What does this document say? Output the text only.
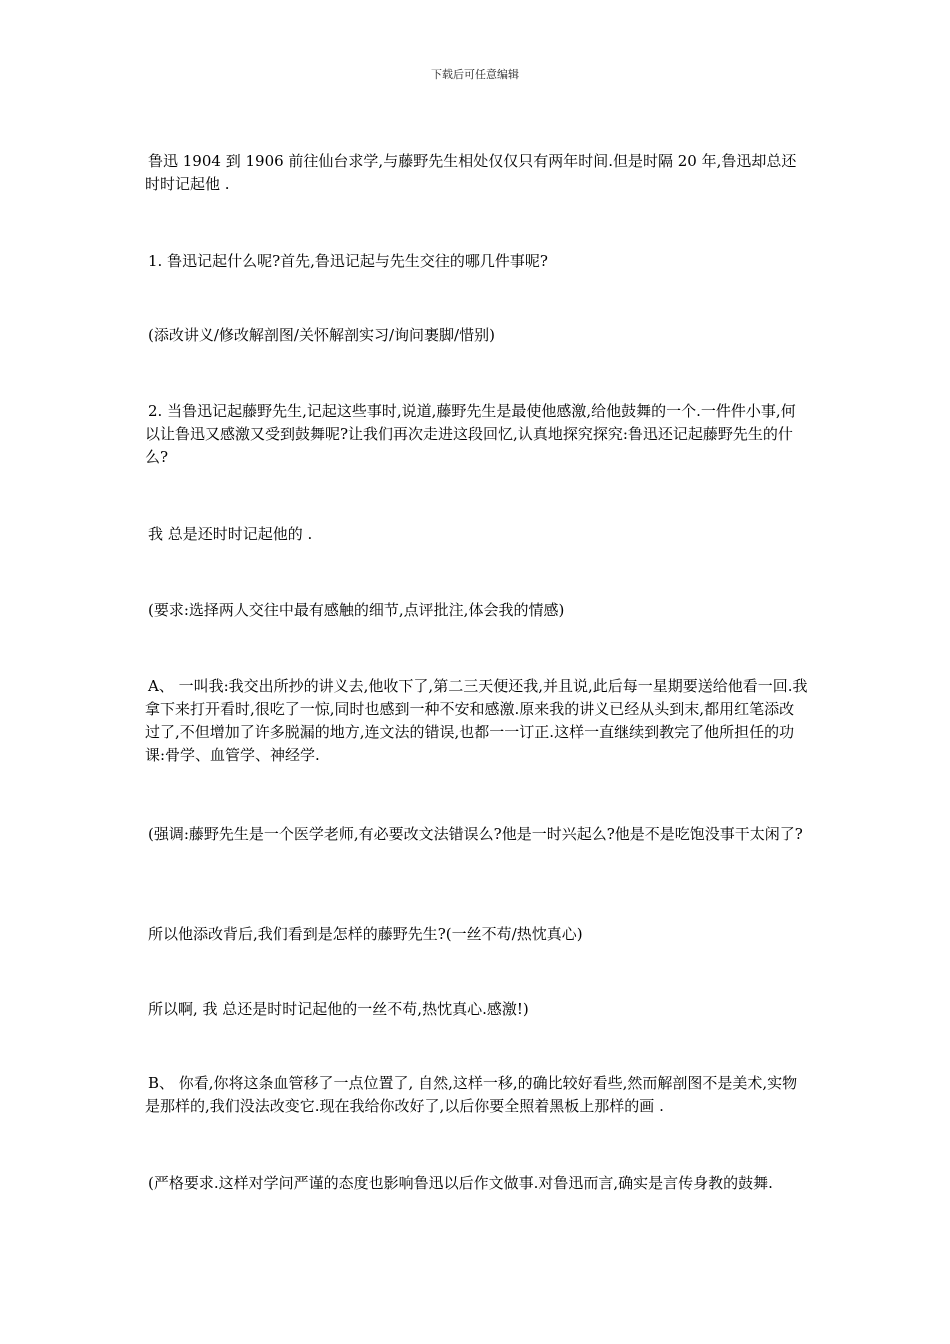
下载后可任意编辑

鲁迅 1904 到 1906 前往仙台求学,与藤野先生相处仅仅只有两年时间.但是时隔 20 年,鲁迅却总还时时记起他 .

1. 鲁迅记起什么呢?首先,鲁迅记起与先生交往的哪几件事呢?

(添改讲义/修改解剖图/关怀解剖实习/询问裹脚/惜别)

2. 当鲁迅记起藤野先生,记起这些事时,说道,藤野先生是最使他感激,给他鼓舞的一个.一件件小事,何以让鲁迅又感激又受到鼓舞呢?让我们再次走进这段回忆,认真地探究探究:鲁迅还记起藤野先生的什么?

我 总是还时时记起他的 .

(要求:选择两人交往中最有感触的细节,点评批注,体会我的情感)

A、 一叫我:我交出所抄的讲义去,他收下了,第二三天便还我,并且说,此后每一星期要送给他看一回.我拿下来打开看时,很吃了一惊,同时也感到一种不安和感激.原来我的讲义已经从头到末,都用红笔添改过了,不但增加了许多脱漏的地方,连文法的错误,也都一一订正.这样一直继续到教完了他所担任的功课:骨学、血管学、神经学.

(强调:藤野先生是一个医学老师,有必要改文法错误么?他是一时兴起么?他是不是吃饱没事干太闲了?

所以他添改背后,我们看到是怎样的藤野先生?(一丝不苟/热忱真心)

所以啊, 我 总还是时时记起他的一丝不苟,热忱真心.感激!)

B、 你看,你将这条血管移了一点位置了, 自然,这样一移,的确比较好看些,然而解剖图不是美术,实物是那样的,我们没法改变它.现在我给你改好了,以后你要全照着黑板上那样的画 .

(严格要求.这样对学问严谨的态度也影响鲁迅以后作文做事.对鲁迅而言,确实是言传身教的鼓舞.
